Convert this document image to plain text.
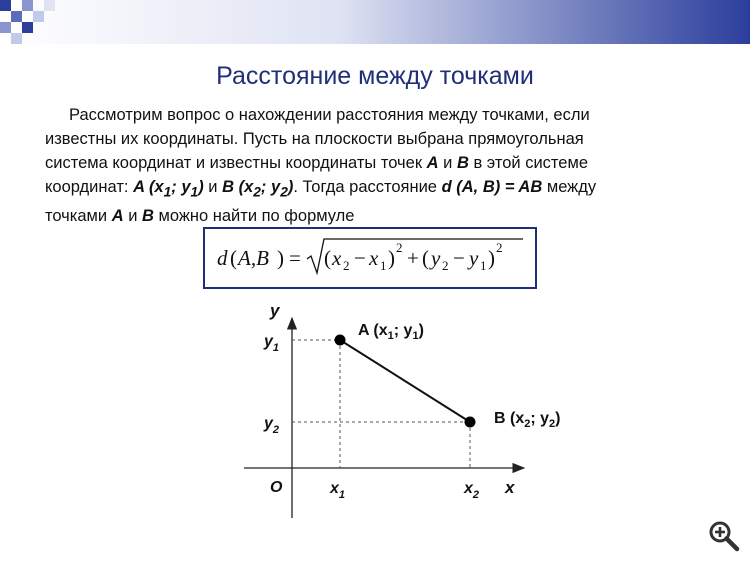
Расстояние между точками

Рассмотрим вопрос о нахождении расстояния между точками, если

известны их координаты. Пусть на плоскости выбрана прямоугольная

система координат и известны координаты точек A и B в этой системе

координат: A ($x_1$; $y_1$) и B ($x_2$; $y_2$). Тогда расстояние d (A, B) = AB между

точками A и B можно найти по формуле

d ( A,B ) = ( x 2 − x 1 ) 2 + ( y 2 − y 1 ) 2
y
x
O
$y_1$
$y_2$
$x_1$	$x_2$
A ($x_1$; $y_1$)
B ($x_2$; $y_2$)
